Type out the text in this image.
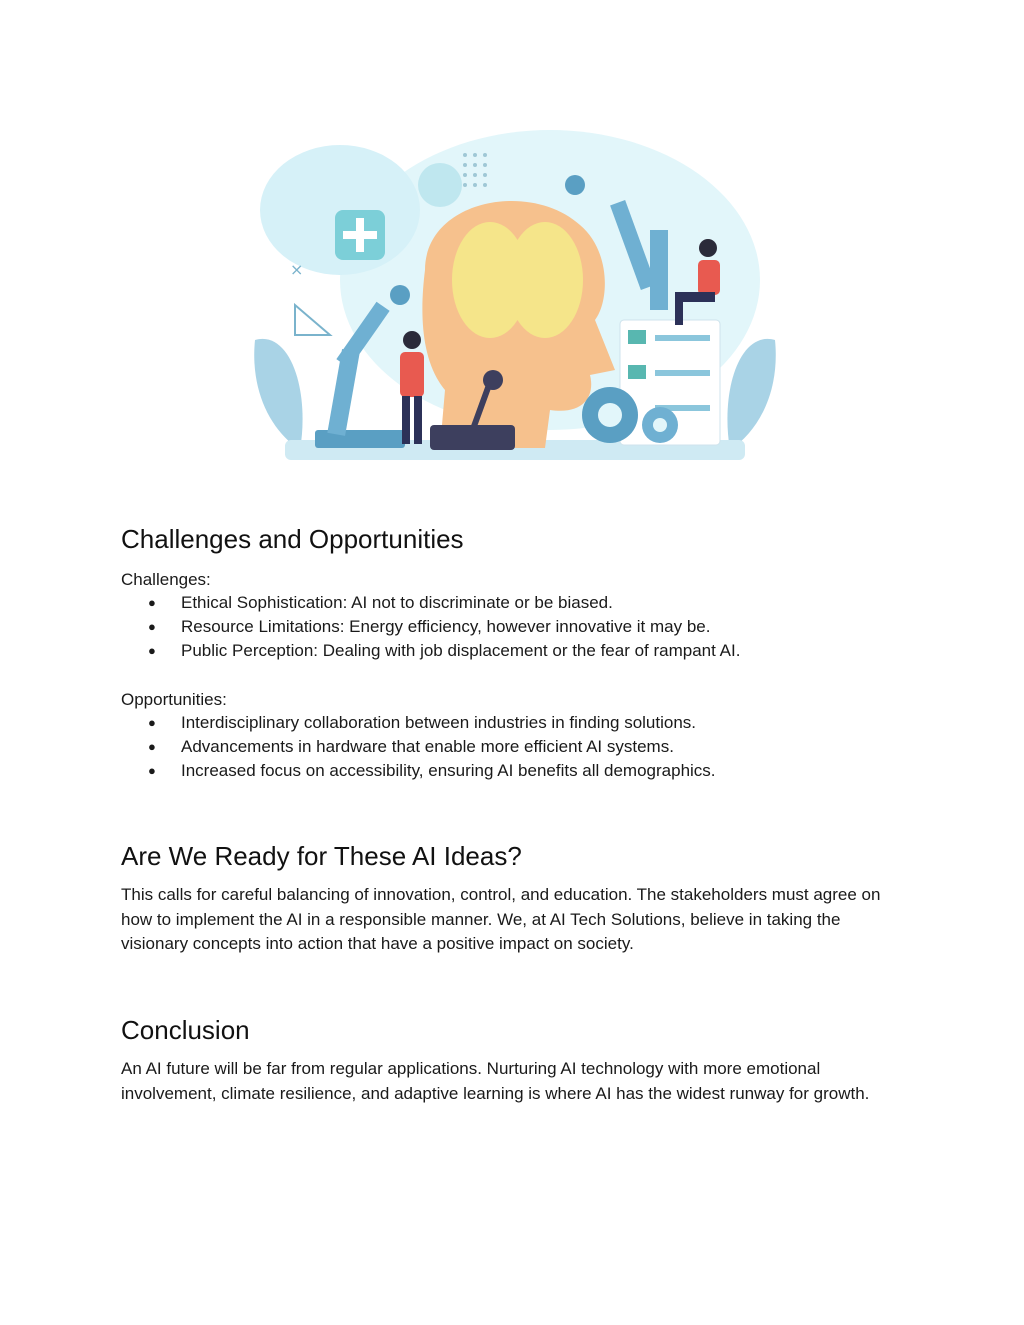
×
Challenges and Opportunities
Challenges:
● Ethical Sophistication: AI not to discriminate or be biased.
● Resource Limitations: Energy efficiency, however innovative it may be.
● Public Perception: Dealing with job displacement or the fear of rampant AI.
Opportunities:
● Interdisciplinary collaboration between industries in finding solutions.
● Advancements in hardware that enable more efficient AI systems.
● Increased focus on accessibility, ensuring AI benefits all demographics.
Are We Ready for These AI Ideas?

This calls for careful balancing of innovation, control, and education. The stakeholders must agree on how to implement the AI in a responsible manner. We, at AI Tech Solutions, believe in taking the visionary concepts into action that have a positive impact on society.

Conclusion

An AI future will be far from regular applications. Nurturing AI technology with more emotional involvement, climate resilience, and adaptive learning is where AI has the widest runway for growth.
